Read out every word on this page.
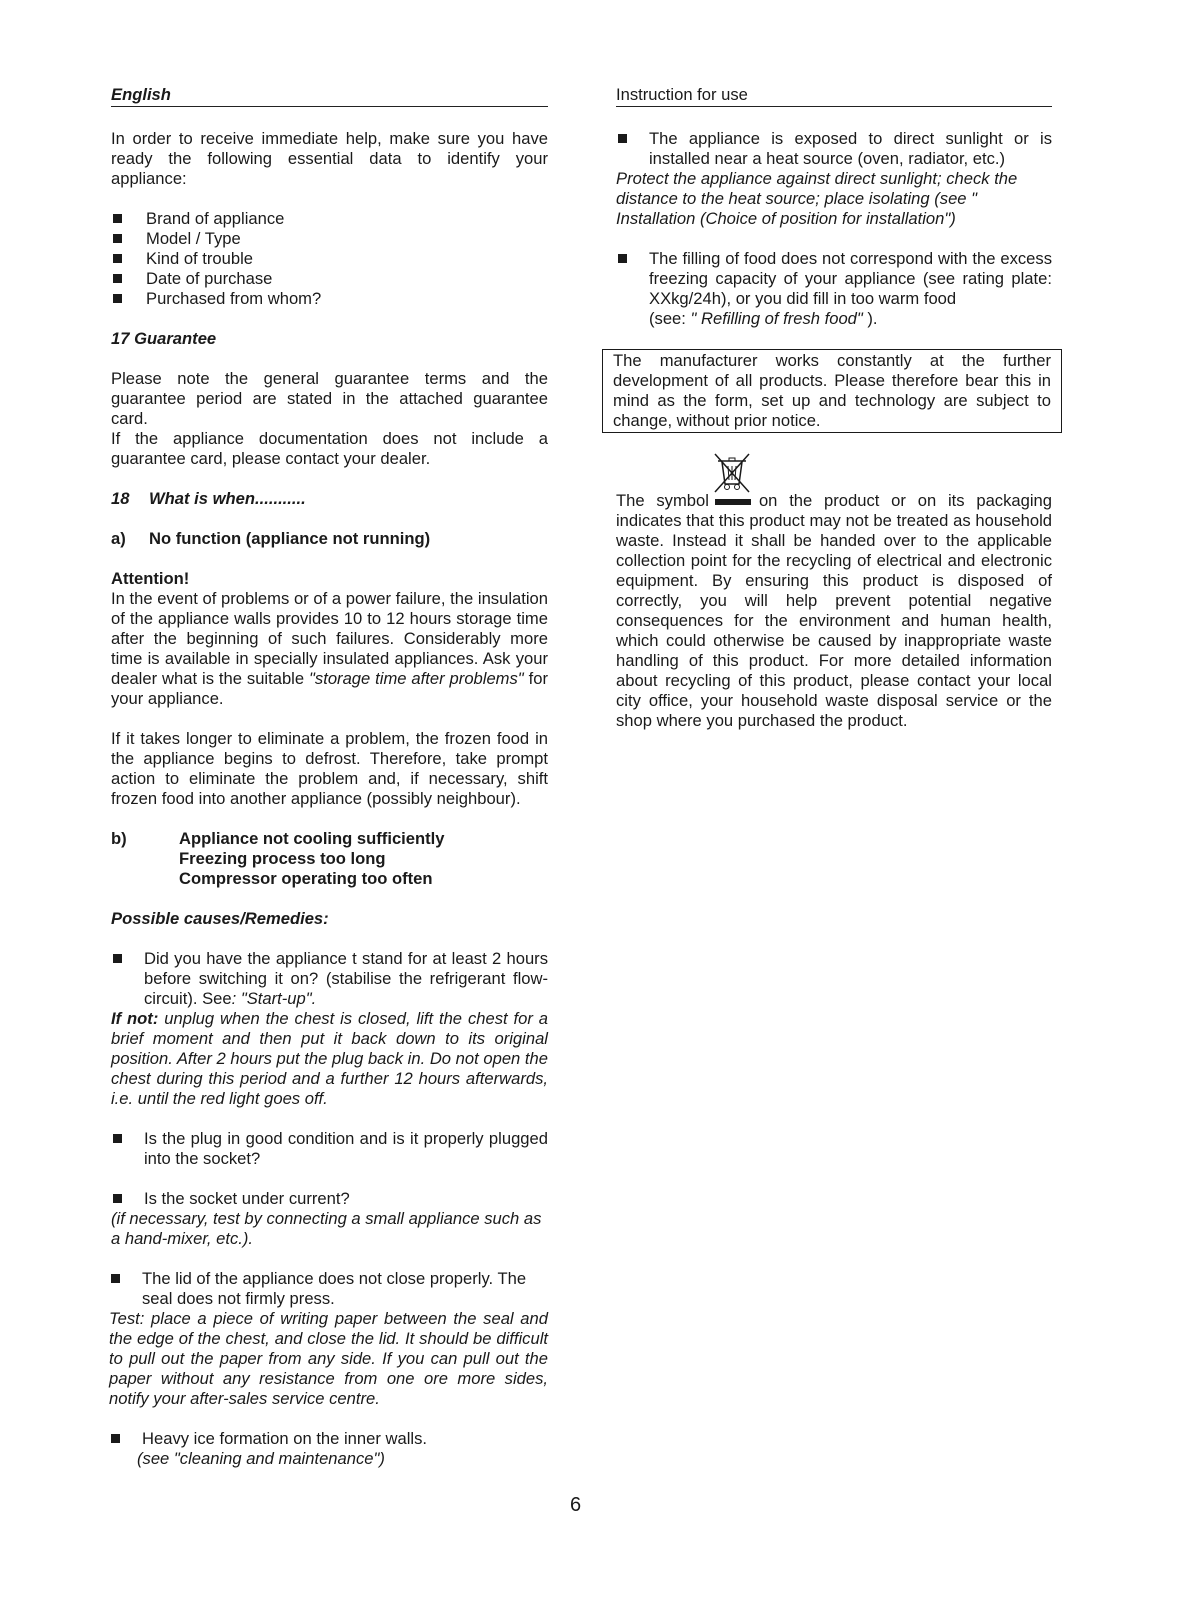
English
In order to receive immediate help, make sure you have ready the following essential data to identify your appliance:
Brand of appliance
Model / Type
Kind of trouble
Date of purchase
Purchased from whom?
17 Guarantee
Please note the general guarantee terms and the guarantee period are stated in the attached guarantee card.
If the appliance documentation does not include a guarantee card, please contact your dealer.
18 What is when...........
a)	No function (appliance not running)
Attention!
In the event of problems or of a power failure, the insulation of the appliance walls provides 10 to 12 hours storage time after the beginning of such failures. Considerably more time is available in specially insulated appliances. Ask your dealer what is the suitable "storage time after problems" for your appliance.
If it takes longer to eliminate a problem, the frozen food in the appliance begins to defrost. Therefore, take prompt action to eliminate the problem and, if necessary, shift frozen food into another appliance (possibly neighbour).
b)	Appliance not cooling sufficiently
Freezing process too long
Compressor operating too often
Possible causes/Remedies:
Did you have the appliance t stand for at least 2 hours before switching it on? (stabilise the refrigerant flow-circuit). See: "Start-up".
If not: unplug when the chest is closed, lift the chest for a brief moment and then put it back down to its original position. After 2 hours put the plug back in. Do not open the chest during this period and a further 12 hours afterwards, i.e. until the red light goes off.
Is the plug in good condition and is it properly plugged into the socket?
Is the socket under current?
(if necessary, test by connecting a small appliance such as a hand-mixer, etc.).
The lid of the appliance does not close properly. The seal does not firmly press.
Test: place a piece of writing paper between the seal and the edge of the chest, and close the lid. It should be difficult to pull out the paper from any side. If you can pull out the paper without any resistance from one ore more sides, notify your after-sales service centre.
Heavy ice formation on the inner walls.
(see "cleaning and maintenance")
Instruction for use
The appliance is exposed to direct sunlight or is installed near a heat source (oven, radiator, etc.)
Protect the appliance against direct sunlight; check the distance to the heat source; place isolating (see " Installation (Choice of position for installation")
The filling of food does not correspond with the excess freezing capacity of your appliance (see rating plate: XXkg/24h), or you did fill in too warm food
(see: " Refilling of fresh food" ).
The manufacturer works constantly at the further development of all products. Please therefore bear this in mind as the form, set up and technology are subject to change, without prior notice.
The symbol	on the product or on its packaging indicates that this product may not be treated as household waste. Instead it shall be handed over to the applicable collection point for the recycling of electrical and electronic equipment. By ensuring this product is disposed of correctly, you will help prevent potential negative consequences for the environment and human health, which could otherwise be caused by inappropriate waste handling of this product. For more detailed information about recycling of this product, please contact your local city office, your household waste disposal service or the shop where you purchased the product.
6
